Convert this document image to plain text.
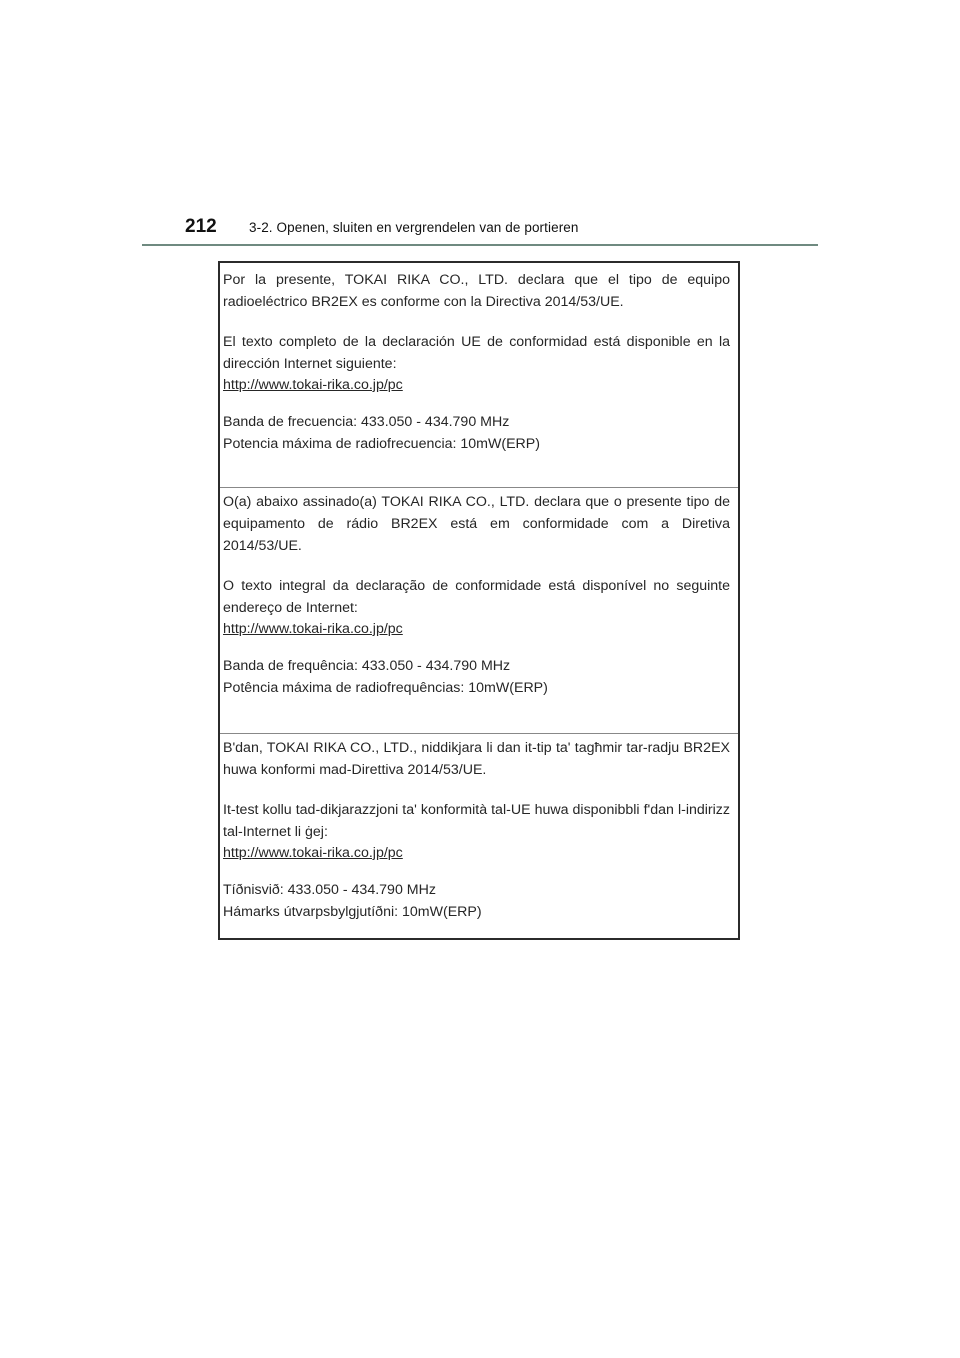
212	3-2. Openen, sluiten en vergrendelen van de portieren

Por la presente, TOKAI RIKA CO., LTD. declara que el tipo de equipo radioeléctrico BR2EX es conforme con la Directiva 2014/53/UE.

El texto completo de la declaración UE de conformidad está disponible en la dirección Internet siguiente:

http://www.tokai-rika.co.jp/pc

Banda de frecuencia: 433.050 - 434.790 MHz

Potencia máxima de radiofrecuencia: 10mW(ERP)

O(a) abaixo assinado(a) TOKAI RIKA CO., LTD. declara que o presente tipo de equipamento de rádio BR2EX está em conformidade com a Diretiva 2014/53/UE.

O texto integral da declaração de conformidade está disponível no seguinte endereço de Internet:

http://www.tokai-rika.co.jp/pc

Banda de frequência: 433.050 - 434.790 MHz

Potência máxima de radiofrequências: 10mW(ERP)

B'dan, TOKAI RIKA CO., LTD., niddikjara li dan it-tip ta' tagħmir tar-radju BR2EX huwa konformi mad-Direttiva 2014/53/UE.

It-test kollu tad-dikjarazzjoni ta' konformità tal-UE huwa disponibbli f'dan l-indirizz tal-Internet li ġej:

http://www.tokai-rika.co.jp/pc

Tíðnisvið: 433.050 - 434.790 MHz

Hámarks útvarpsbylgjutíðni: 10mW(ERP)
